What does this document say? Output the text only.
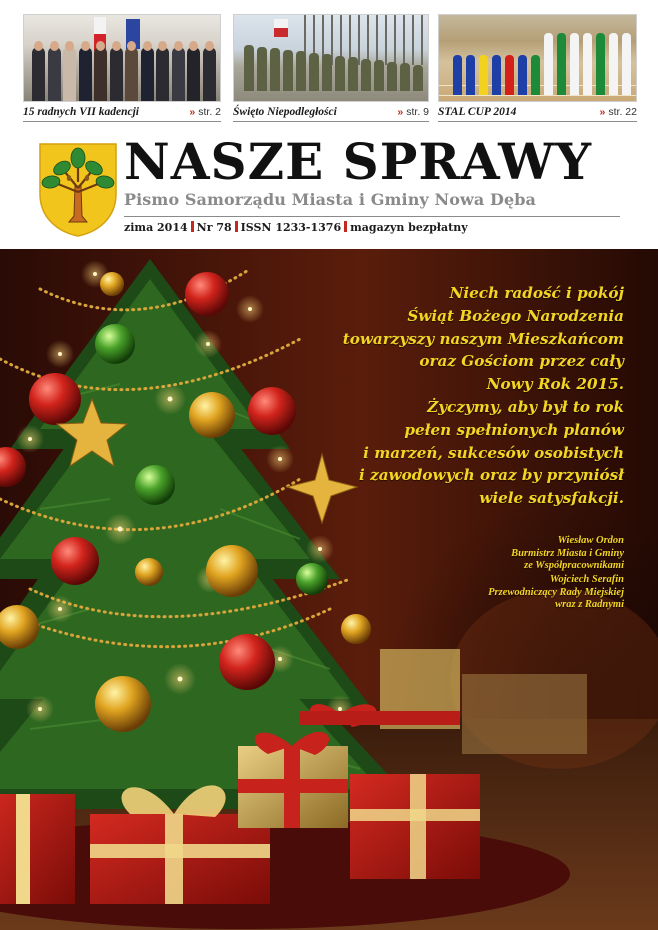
15 radnych VII kadencji	» str. 2 Święto Niepodległości	» str. 9 STAL CUP 2014	» str. 22
NASZE SPRAWY
Pismo Samorządu Miasta i Gminy Nowa Dęba
zima 2014 Nr 78 ISSN 1233-1376 magazyn bezpłatny
Niech radość i pokój
Świąt Bożego Narodzenia
towarzyszy naszym Mieszkańcom
oraz Gościom przez cały
Nowy Rok 2015.
Życzymy, aby był to rok
pełen spełnionych planów
i marzeń, sukcesów osobistych
i zawodowych oraz by przyniósł
wiele satysfakcji.
Wiesław Ordon
Burmistrz Miasta i Gminy
ze Współpracownikami
Wojciech Serafin
Przewodniczący Rady Miejskiej
wraz z Radnymi
